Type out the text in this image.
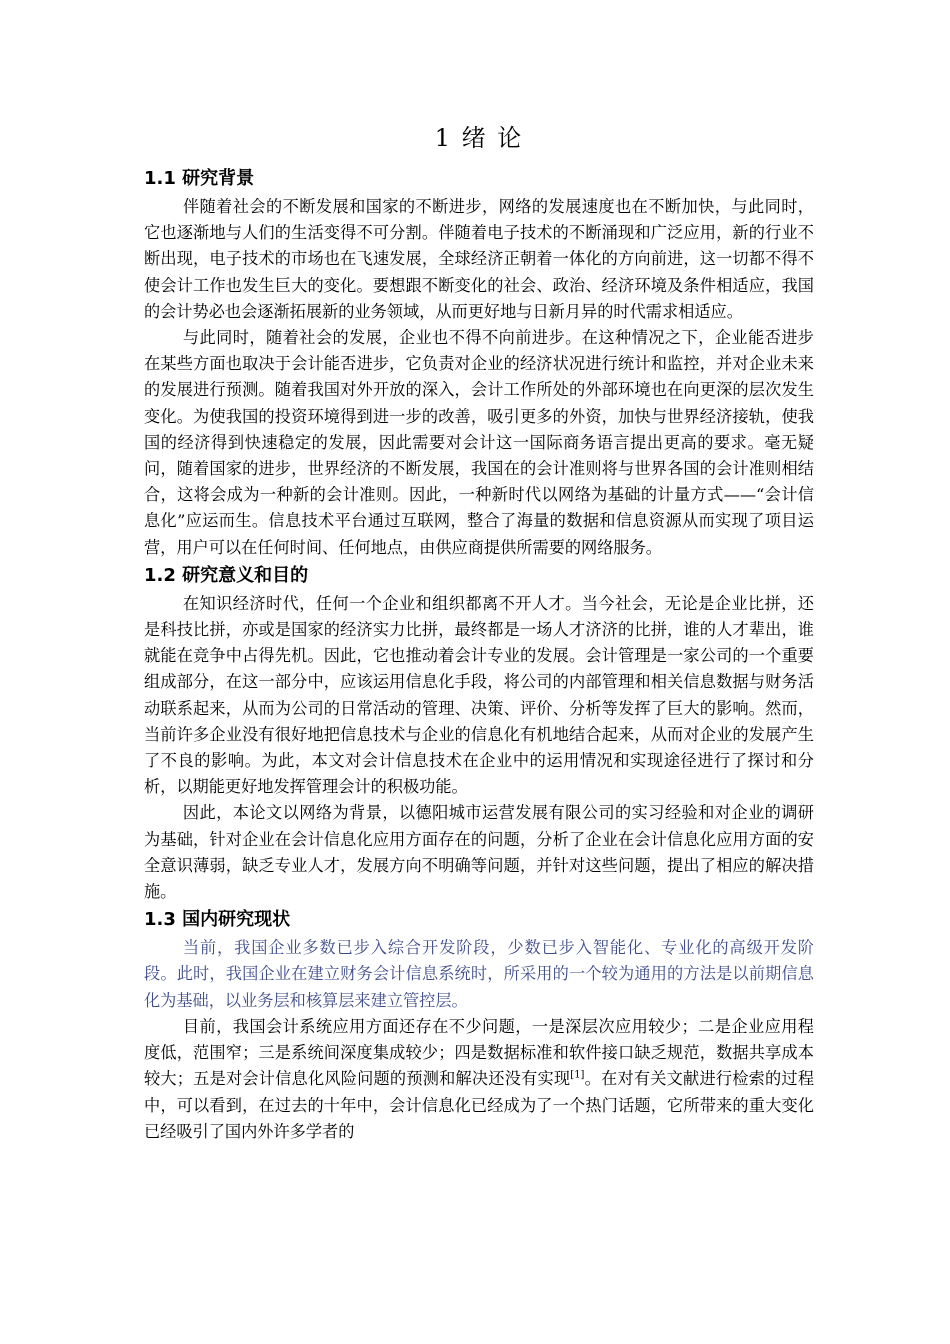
1 绪 论
1.1 研究背景

伴随着社会的不断发展和国家的不断进步，网络的发展速度也在不断加快，与此同时，它也逐渐地与人们的生活变得不可分割。伴随着电子技术的不断涌现和广泛应用，新的行业不断出现，电子技术的市场也在飞速发展，全球经济正朝着一体化的方向前进，这一切都不得不使会计工作也发生巨大的变化。要想跟不断变化的社会、政治、经济环境及条件相适应，我国的会计势必也会逐渐拓展新的业务领域，从而更好地与日新月异的时代需求相适应。

与此同时，随着社会的发展，企业也不得不向前进步。在这种情况之下，企业能否进步在某些方面也取决于会计能否进步，它负责对企业的经济状况进行统计和监控，并对企业未来的发展进行预测。随着我国对外开放的深入，会计工作所处的外部环境也在向更深的层次发生变化。为使我国的投资环境得到进一步的改善，吸引更多的外资，加快与世界经济接轨，使我国的经济得到快速稳定的发展，因此需要对会计这一国际商务语言提出更高的要求。毫无疑问，随着国家的进步，世界经济的不断发展，我国在的会计准则将与世界各国的会计准则相结合，这将会成为一种新的会计准则。因此，一种新时代以网络为基础的计量方式——“会计信息化”应运而生。信息技术平台通过互联网，整合了海量的数据和信息资源从而实现了项目运营，用户可以在任何时间、任何地点，由供应商提供所需要的网络服务。

1.2 研究意义和目的

在知识经济时代，任何一个企业和组织都离不开人才。当今社会，无论是企业比拼，还是科技比拼，亦或是国家的经济实力比拼，最终都是一场人才济济的比拼，谁的人才辈出，谁就能在竞争中占得先机。因此，它也推动着会计专业的发展。会计管理是一家公司的一个重要组成部分，在这一部分中，应该运用信息化手段，将公司的内部管理和相关信息数据与财务活动联系起来，从而为公司的日常活动的管理、决策、评价、分析等发挥了巨大的影响。然而，当前许多企业没有很好地把信息技术与企业的信息化有机地结合起来，从而对企业的发展产生了不良的影响。为此，本文对会计信息技术在企业中的运用情况和实现途径进行了探讨和分析，以期能更好地发挥管理会计的积极功能。

因此，本论文以网络为背景，以德阳城市运营发展有限公司的实习经验和对企业的调研为基础，针对企业在会计信息化应用方面存在的问题，分析了企业在会计信息化应用方面的安全意识薄弱，缺乏专业人才，发展方向不明确等问题，并针对这些问题，提出了相应的解决措施。

1.3 国内研究现状

当前，我国企业多数已步入综合开发阶段，少数已步入智能化、专业化的高级开发阶段。此时，我国企业在建立财务会计信息系统时，所采用的一个较为通用的方法是以前期信息化为基础，以业务层和核算层来建立管控层。

目前，我国会计系统应用方面还存在不少问题，一是深层次应用较少；二是企业应用程度低，范围窄；三是系统间深度集成较少；四是数据标准和软件接口缺乏规范，数据共享成本较大；五是对会计信息化风险问题的预测和解决还没有实现[1]。在对有关文献进行检索的过程中，可以看到，在过去的十年中，会计信息化已经成为了一个热门话题，它所带来的重大变化已经吸引了国内外许多学者的
